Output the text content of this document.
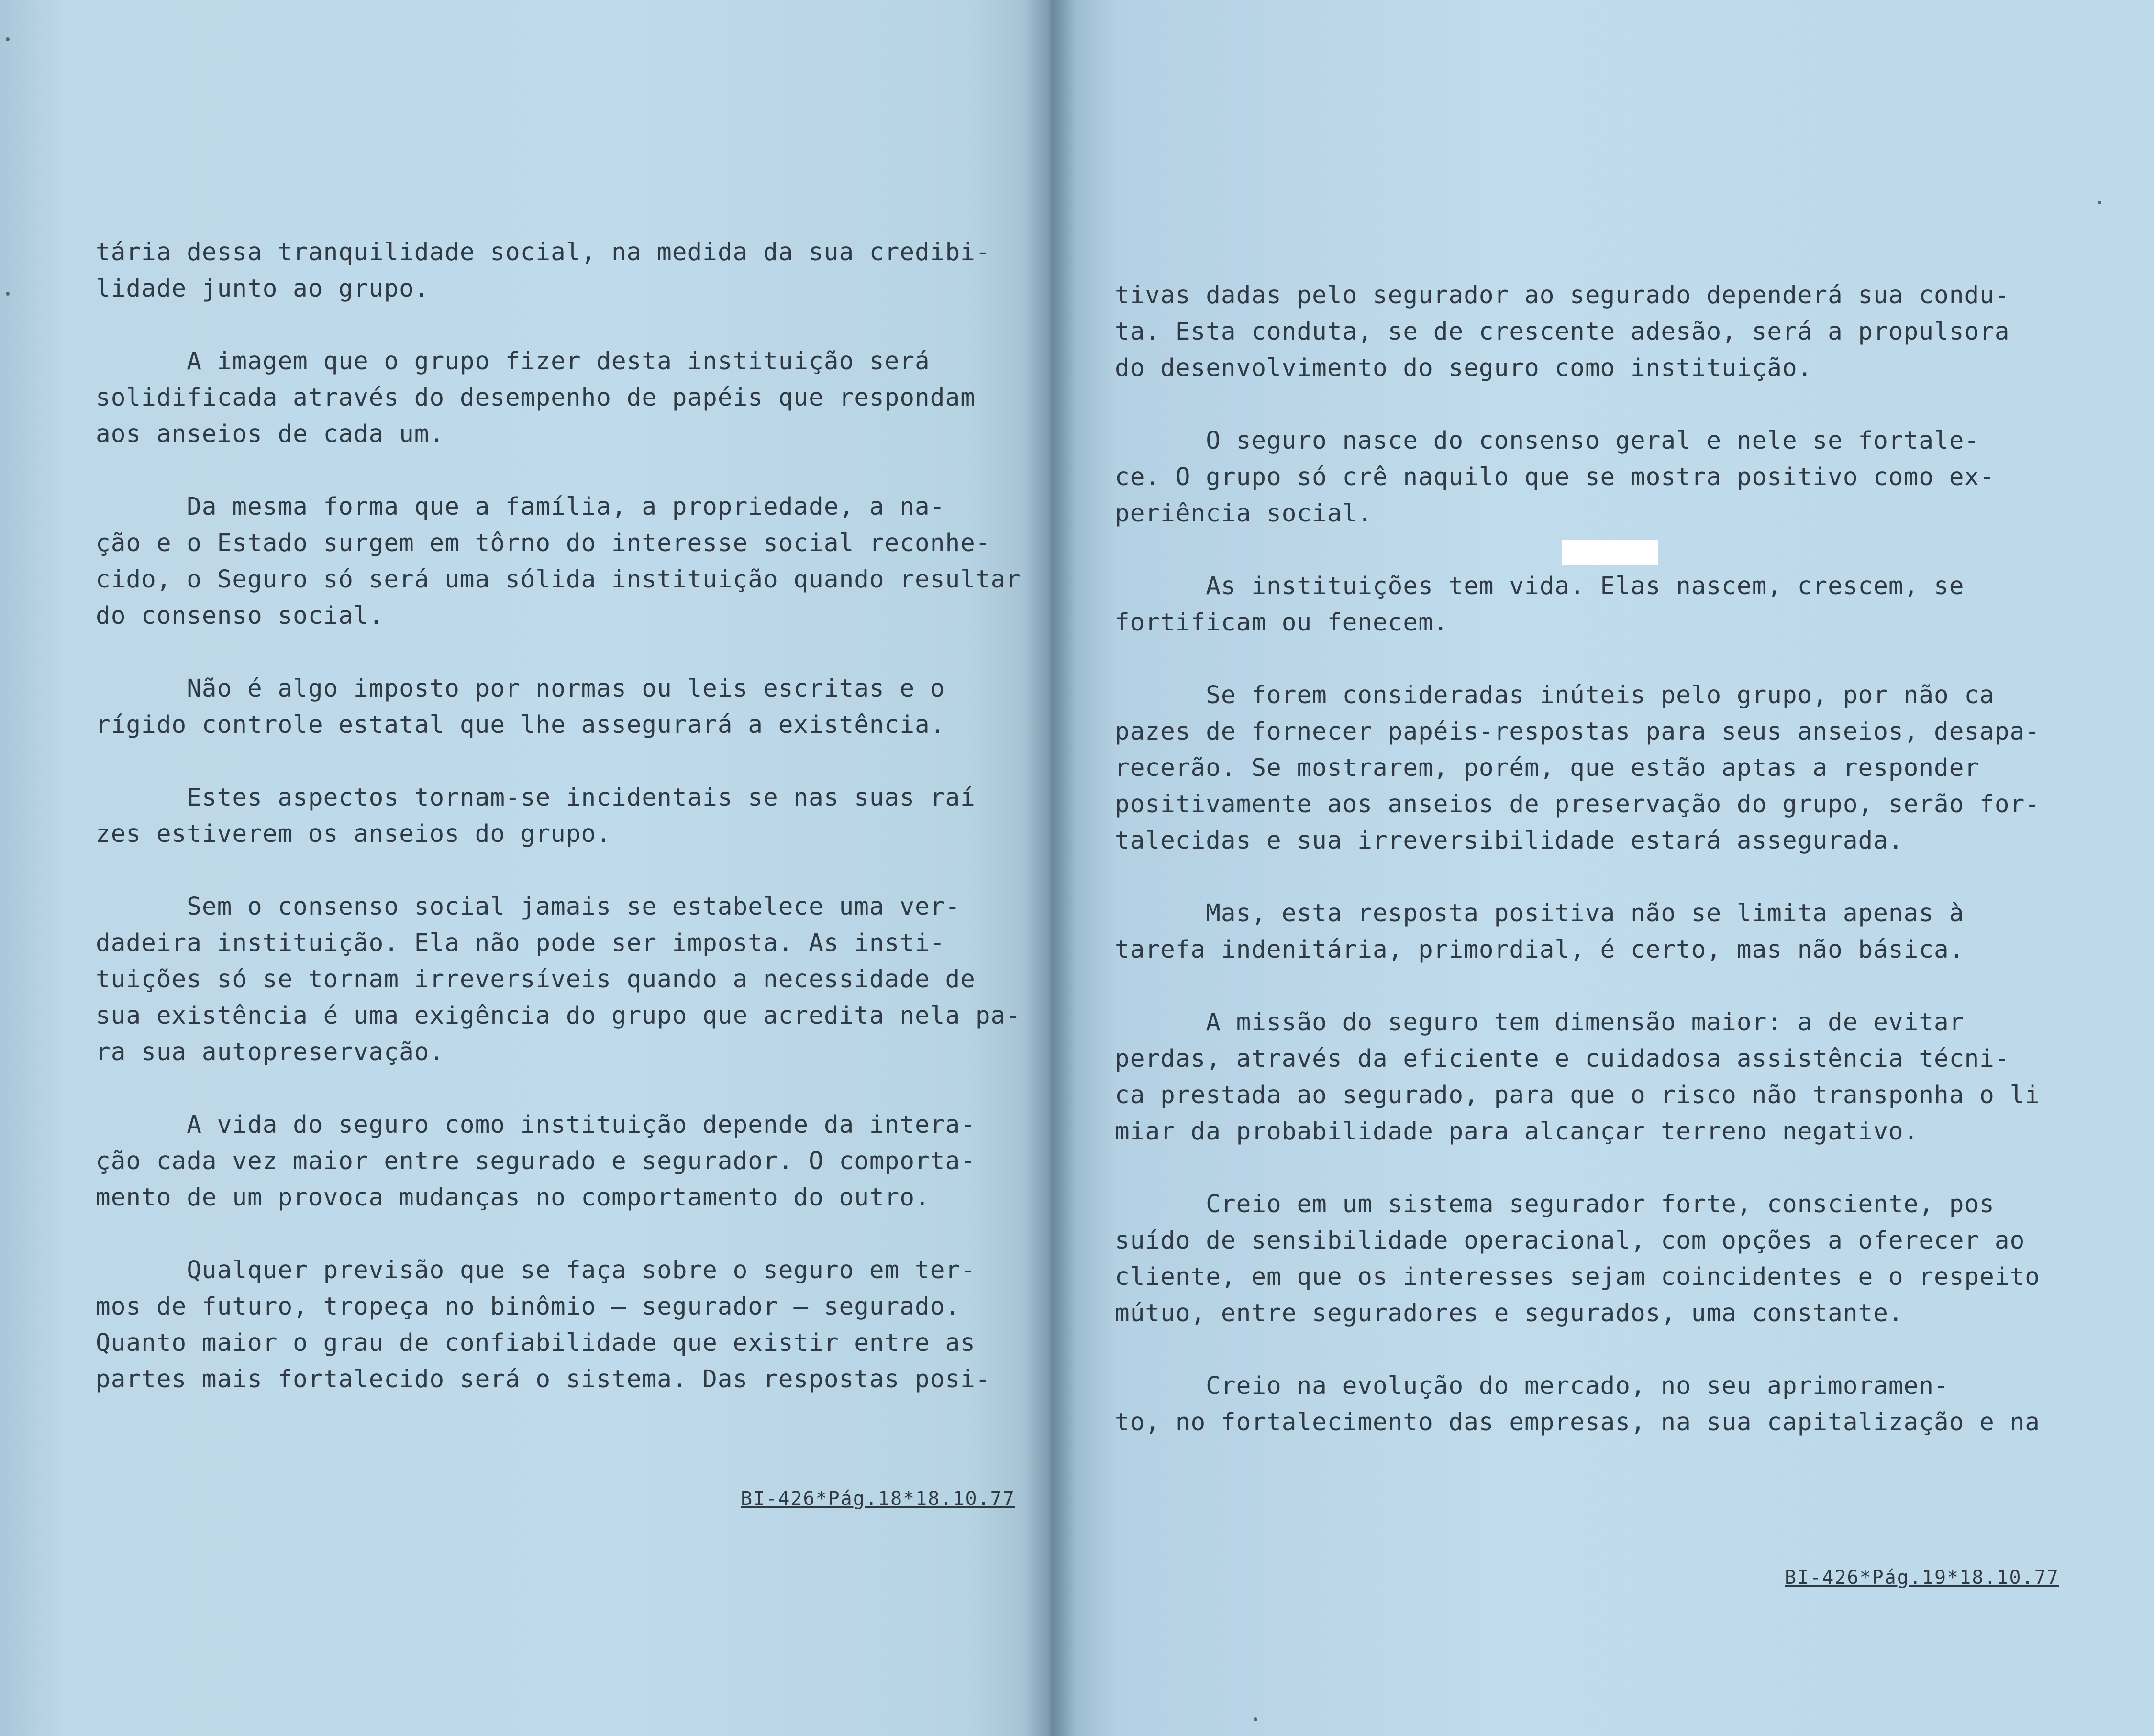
tária dessa tranquilidade social, na medida da sua credibi-
lidade junto ao grupo.
A imagem que o grupo fizer desta instituição será
solidificada através do desempenho de papéis que respondam
aos anseios de cada um.
Da mesma forma que a família, a propriedade, a na-
ção e o Estado surgem em tôrno do interesse social reconhe-
cido, o Seguro só será uma sólida instituição quando resultar
do consenso social.
Não é algo imposto por normas ou leis escritas e o
rígido controle estatal que lhe assegurará a existência.
Estes aspectos tornam-se incidentais se nas suas raí
zes estiverem os anseios do grupo.
Sem o consenso social jamais se estabelece uma ver-
dadeira instituição. Ela não pode ser imposta. As insti-
tuições só se tornam irreversíveis quando a necessidade de
sua existência é uma exigência do grupo que acredita nela pa-
ra sua autopreservação.
A vida do seguro como instituição depende da intera-
ção cada vez maior entre segurado e segurador. O comporta-
mento de um provoca mudanças no comportamento do outro.
Qualquer previsão que se faça sobre o seguro em ter-
mos de futuro, tropeça no binômio — segurador — segurado.
Quanto maior o grau de confiabilidade que existir entre as
partes mais fortalecido será o sistema. Das respostas posi-
tivas dadas pelo segurador ao segurado dependerá sua condu-
ta. Esta conduta, se de crescente adesão, será a propulsora
do desenvolvimento do seguro como instituição.
O seguro nasce do consenso geral e nele se fortale-
ce. O grupo só crê naquilo que se mostra positivo como ex-
periência social.
As instituições tem vida. Elas nascem, crescem, se
fortificam ou fenecem.
Se forem consideradas inúteis pelo grupo, por não ca
pazes de fornecer papéis-respostas para seus anseios, desapa-
recerão. Se mostrarem, porém, que estão aptas a responder
positivamente aos anseios de preservação do grupo, serão for-
talecidas e sua irreversibilidade estará assegurada.
Mas, esta resposta positiva não se limita apenas à
tarefa indenitária, primordial, é certo, mas não básica.
A missão do seguro tem dimensão maior: a de evitar
perdas, através da eficiente e cuidadosa assistência técni-
ca prestada ao segurado, para que o risco não transponha o li
miar da probabilidade para alcançar terreno negativo.
Creio em um sistema segurador forte, consciente, pos
suído de sensibilidade operacional, com opções a oferecer ao
cliente, em que os interesses sejam coincidentes e o respeito
mútuo, entre seguradores e segurados, uma constante.
Creio na evolução do mercado, no seu aprimoramen-
to, no fortalecimento das empresas, na sua capitalização e na
BI-426*Pág.18*18.10.77
BI-426*Pág.19*18.10.77
